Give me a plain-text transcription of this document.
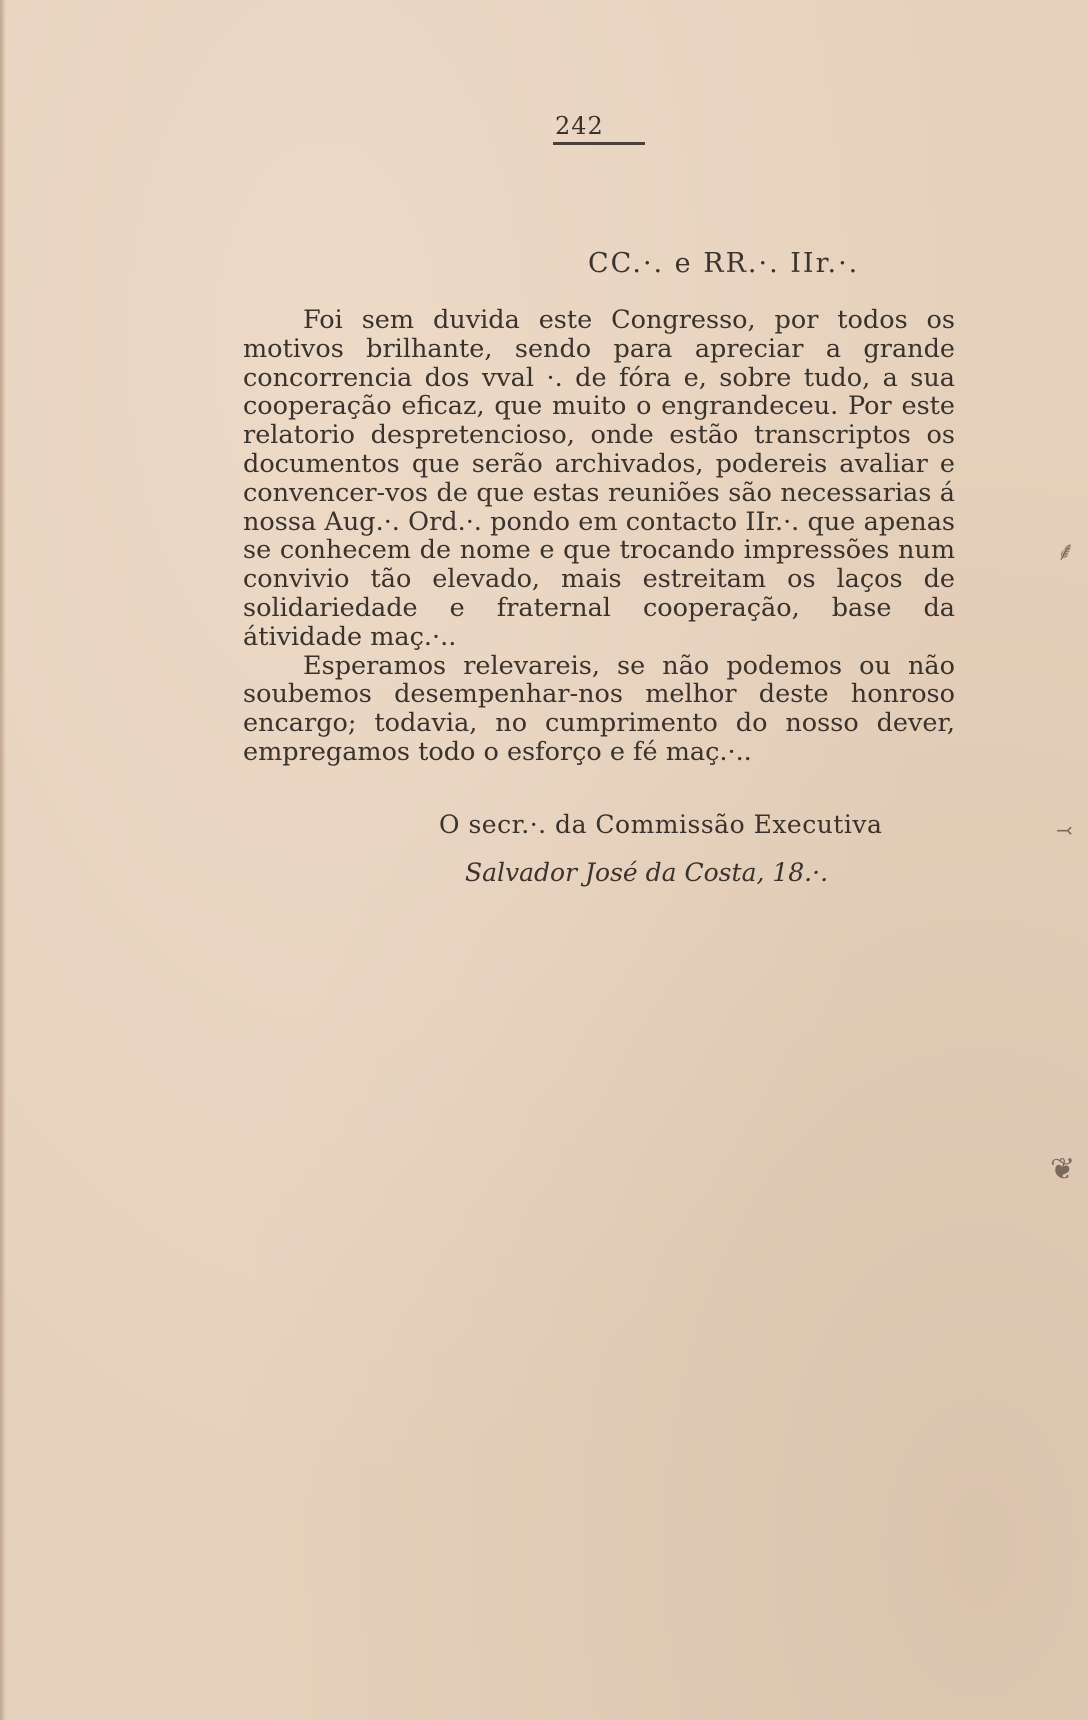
242
CC.·. e RR.·. IIr.·.

Foi sem duvida este Congresso, por todos os motivos brilhante, sendo para apreciar a grande concorrencia dos vval ·. de fóra e, sobre tudo, a sua cooperação eficaz, que muito o engrandeceu. Por este relatorio despretencioso, onde estão transcriptos os documentos que serão archivados, podereis avaliar e convencer-vos de que estas reuniões são necessarias á nossa Aug.·. Ord.·. pondo em contacto IIr.·. que apenas se conhecem de nome e que trocando impressões num convivio tão elevado, mais estreitam os laços de solidariedade e fraternal cooperação, base da átividade maç.·..

Esperamos relevareis, se não podemos ou não soubemos desempenhar-nos melhor deste honroso encargo; todavia, no cumprimento do nosso dever, empregamos todo o esforço e fé maç.·..

O secr.·. da Commissão Executiva
Salvador José da Costa, 18.·.
⸙
⤙
❦
